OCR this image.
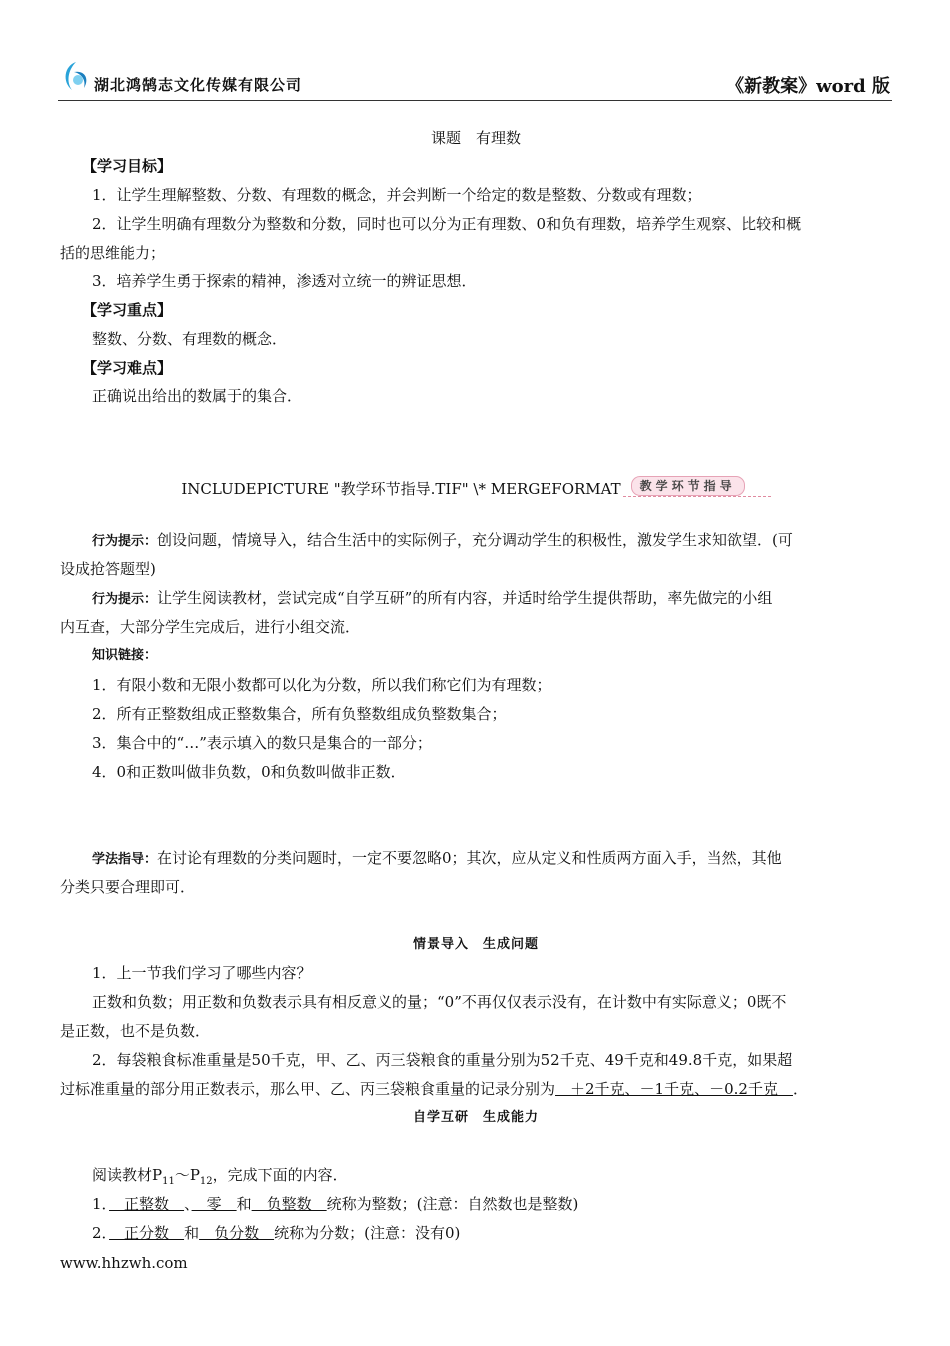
湖北鸿鹄志文化传媒有限公司	《新教案》word 版
课题　有理数
【学习目标】
1．让学生理解整数、分数、有理数的概念，并会判断一个给定的数是整数、分数或有理数；
2．让学生明确有理数分为整数和分数，同时也可以分为正有理数、0和负有理数，培养学生观察、比较和概
括的思维能力；
3．培养学生勇于探索的精神，渗透对立统一的辨证思想．
【学习重点】
整数、分数、有理数的概念．
【学习难点】
正确说出给出的数属于的集合．
INCLUDEPICTURE "教学环节指导.TIF" \* MERGEFORMAT	教学环节指导
行为提示：创设问题，情境导入，结合生活中的实际例子，充分调动学生的积极性，激发学生求知欲望．(可
设成抢答题型)
行为提示：让学生阅读教材，尝试完成“自学互研”的所有内容，并适时给学生提供帮助，率先做完的小组
内互查，大部分学生完成后，进行小组交流．
知识链接：
1．有限小数和无限小数都可以化为分数，所以我们称它们为有理数；
2．所有正整数组成正整数集合，所有负整数组成负整数集合；
3．集合中的“…”表示填入的数只是集合的一部分；
4．0和正数叫做非负数，0和负数叫做非正数．
学法指导：在讨论有理数的分类问题时，一定不要忽略0；其次，应从定义和性质两方面入手，当然，其他
分类只要合理即可．
情景导入　生成问题
1．上一节我们学习了哪些内容？
正数和负数；用正数和负数表示具有相反意义的量；“0”不再仅仅表示没有，在计数中有实际意义；0既不
是正数，也不是负数．
2．每袋粮食标准重量是50千克，甲、乙、丙三袋粮食的重量分别为52千克、49千克和49.8千克，如果超
过标准重量的部分用正数表示，那么甲、乙、丙三袋粮食重量的记录分别为　＋2千克、－1千克、－0.2千克　．
自学互研　生成能力
阅读教材$P_{11}\sim P_{12}$，完成下面的内容．
1．　正整数　、　零　和　负整数　统称为整数；(注意：自然数也是整数)
2．　正分数　和　负分数　统称为分数；(注意：没有0)
www.hhzwh.com
